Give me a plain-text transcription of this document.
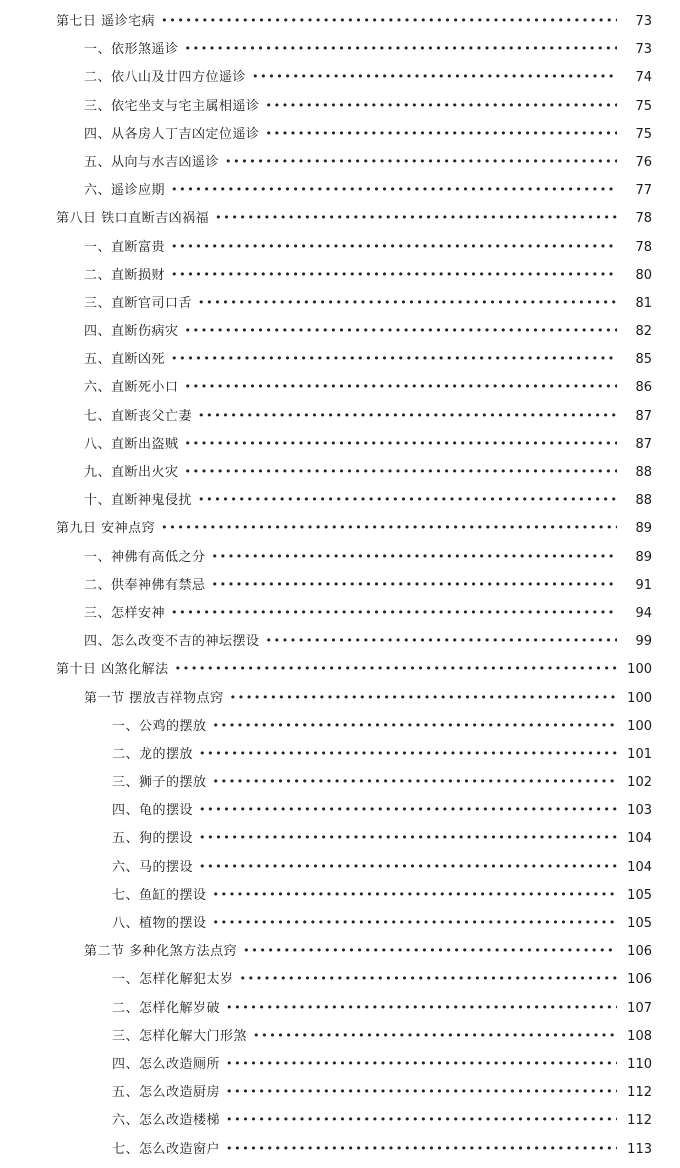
第七日 遥诊宅病 •••••	73
一、依形煞遥诊 •••••	73
二、依八山及廿四方位遥诊 •••••	74
三、依宅坐支与宅主属相遥诊 •••••	75
四、从各房人丁吉凶定位遥诊 •••••	75
五、从向与水吉凶遥诊 •••••	76
六、遥诊应期 •••••	77
第八日 铁口直断吉凶祸福 •••••	78
一、直断富贵 •••••	78
二、直断损财 •••••	80
三、直断官司口舌 •••••	81
四、直断伤病灾 •••••	82
五、直断凶死 •••••	85
六、直断死小口 •••••	86
七、直断丧父亡妻 •••••	87
八、直断出盗贼 •••••	87
九、直断出火灾 •••••	88
十、直断神鬼侵扰 •••••	88
第九日 安神点窍 •••••	89
一、神佛有高低之分 •••••	89
二、供奉神佛有禁忌 •••••	91
三、怎样安神 •••••	94
四、怎么改变不吉的神坛摆设 •••••	99
第十日 凶煞化解法 •••••	100
第一节 摆放吉祥物点窍 •••••	100
一、公鸡的摆放 •••••	100
二、龙的摆放 •••••	101
三、狮子的摆放 •••••	102
四、龟的摆设 •••••	103
五、狗的摆设 •••••	104
六、马的摆设 •••••	104
七、鱼缸的摆设 •••••	105
八、植物的摆设 •••••	105
第二节 多种化煞方法点窍 •••••	106
一、怎样化解犯太岁 •••••	106
二、怎样化解岁破 •••••	107
三、怎样化解大门形煞 •••••	108
四、怎么改造厕所 •••••	110
五、怎么改造厨房 •••••	112
六、怎么改造楼梯 •••••	112
七、怎么改造窗户 •••••	113
